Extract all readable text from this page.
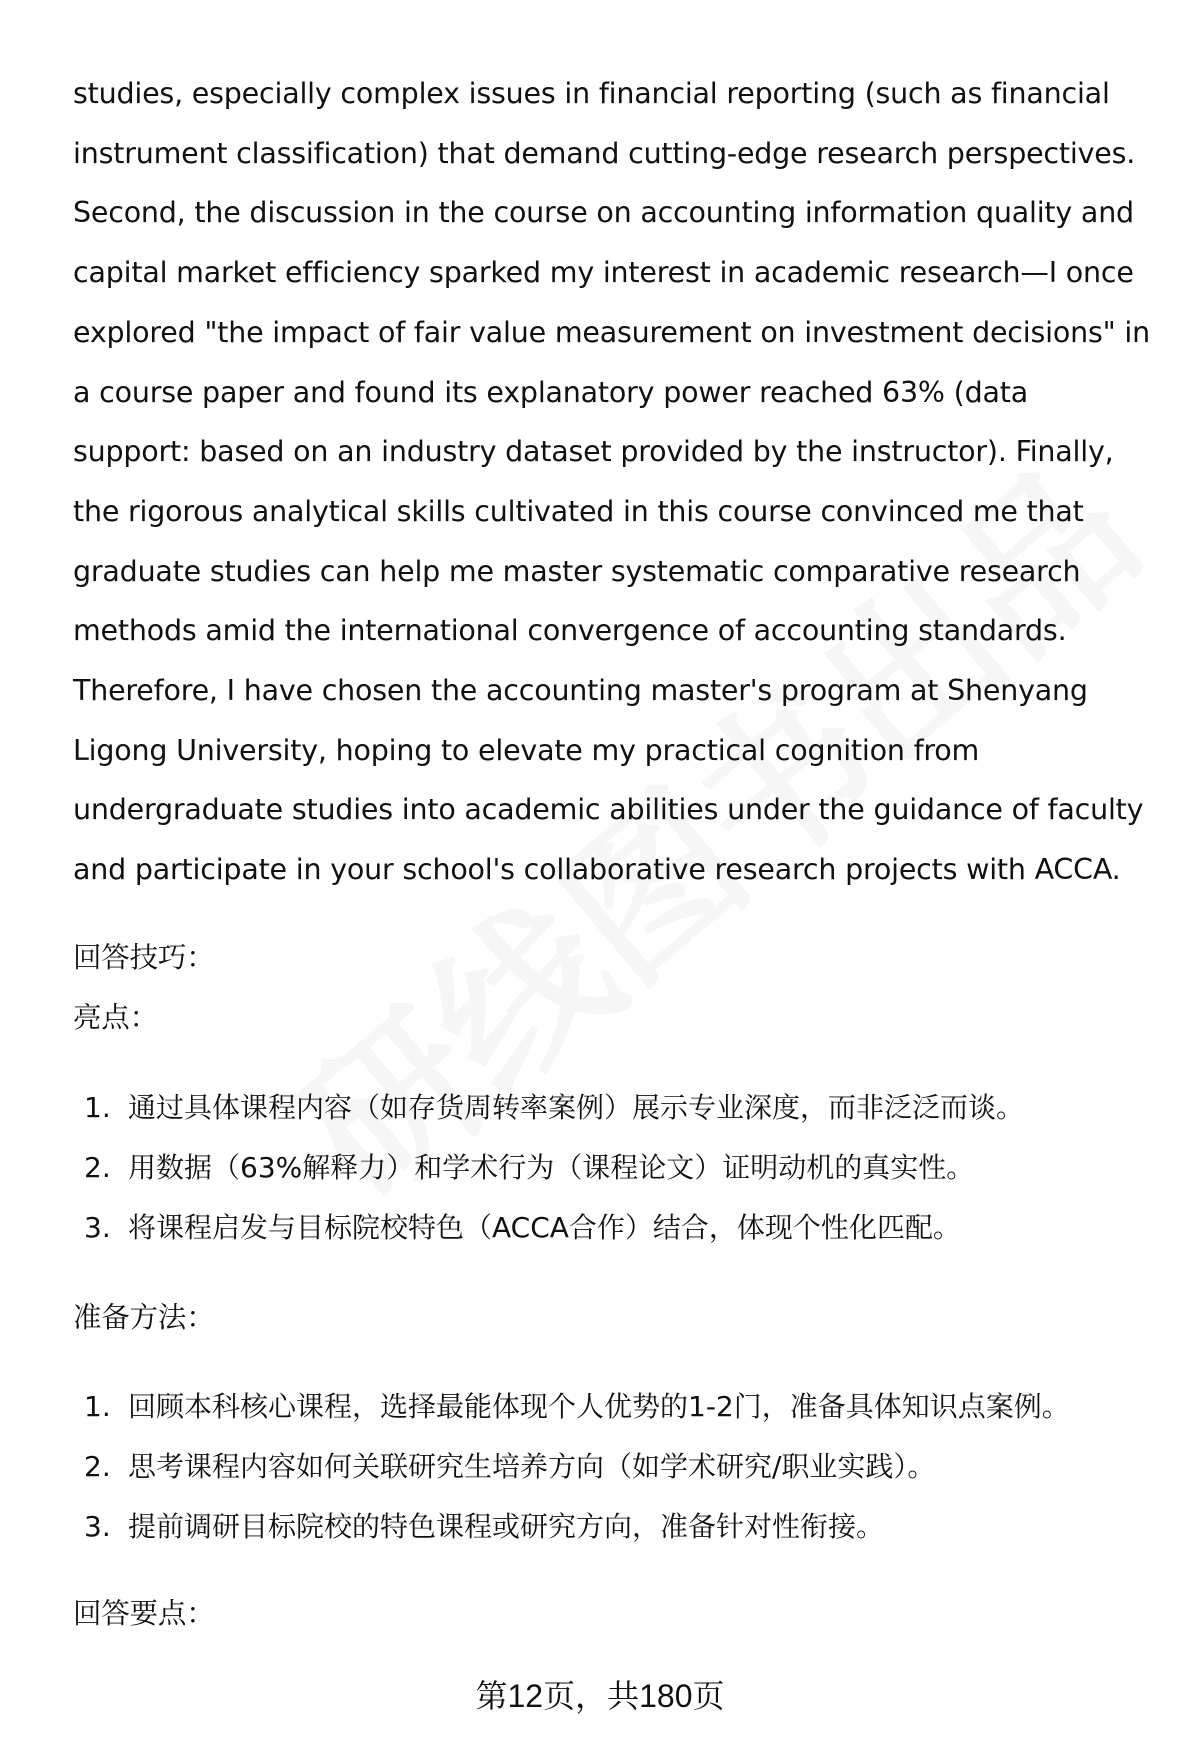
studies, especially complex issues in financial reporting (such as financial
instrument classification) that demand cutting-edge research perspectives.
Second, the discussion in the course on accounting information quality and
capital market efficiency sparked my interest in academic research—I once
explored "the impact of fair value measurement on investment decisions" in
a course paper and found its explanatory power reached 63% (data
support: based on an industry dataset provided by the instructor). Finally,
the rigorous analytical skills cultivated in this course convinced me that
graduate studies can help me master systematic comparative research
methods amid the international convergence of accounting standards.
Therefore, I have chosen the accounting master's program at Shenyang
Ligong University, hoping to elevate my practical cognition from
undergraduate studies into academic abilities under the guidance of faculty
and participate in your school's collaborative research projects with ACCA.
回答技巧：
亮点：
1. 通过具体课程内容（如存货周转率案例）展示专业深度，而非泛泛而谈。
2. 用数据（63%解释力）和学术行为（课程论文）证明动机的真实性。
3. 将课程启发与目标院校特色（ACCA合作）结合，体现个性化匹配。
准备方法：
1. 回顾本科核心课程，选择最能体现个人优势的1-2门，准备具体知识点案例。
2. 思考课程内容如何关联研究生培养方向（如学术研究/职业实践）。
3. 提前调研目标院校的特色课程或研究方向，准备针对性衔接。
回答要点：
第12页，共180页
